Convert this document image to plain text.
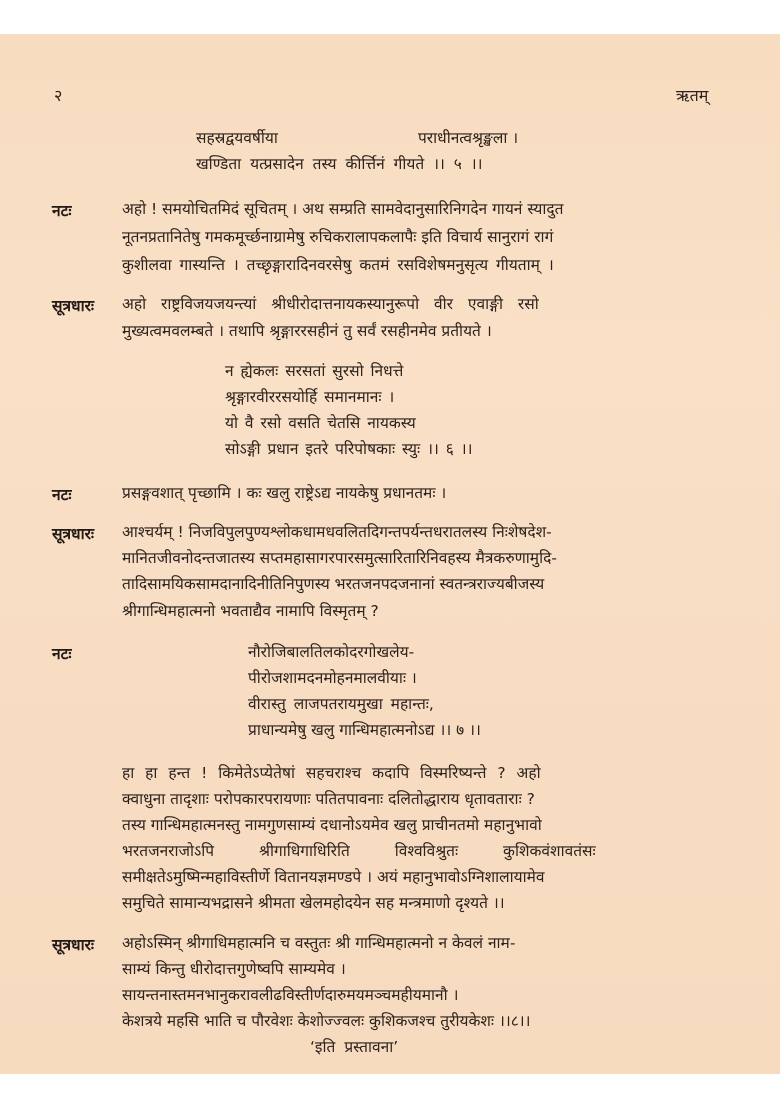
२	ऋतम्
सहस्रद्वयवर्षीया	पराधीनत्वश्रृङ्खला ।
खण्डिता यत्प्रसादेन तस्य कीर्त्तिनं गीयते ।। ५ ।।
नटः	अहो ! समयोचितमिदं सूचितम् । अथ सम्प्रति सामवेदानुसारिनिगदेन गायनं स्यादुत
नूतनप्रतानितेषु गमकमूर्च्छनाग्रामेषु रुचिकरालापकलापैः इति विचार्य सानुरागं रागं
कुशीलवा गास्यन्ति । तच्छृङ्गारादिनवरसेषु कतमं रसविशेषमनुसृत्य गीयताम् ।
सूत्रधारः अहो राष्ट्रविजयजयन्त्यां श्रीधीरोदात्तनायकस्यानुरूपो वीर एवाङ्गी रसो
मुख्यत्वमवलम्बते । तथापि श्रृङ्गाररसहीनं तु सर्वं रसहीनमेव प्रतीयते ।
न ह्येकलः सरसतां सुरसो निधत्ते
श्रृङ्गारवीररसयोर्हि समानमानः ।
यो वै रसो वसति चेतसि नायकस्य
सोऽङ्गी प्रधान इतरे परिपोषकाः स्युः ।। ६ ।।
नटः	प्रसङ्गवशात् पृच्छामि । कः खलु राष्ट्रेऽद्य नायकेषु प्रधानतमः ।
सूत्रधारः आश्चर्यम् ! निजविपुलपुण्यश्लोकधामधवलितदिगन्तपर्यन्तधरातलस्य निःशेषदेश-
मानितजीवनोदन्तजातस्य सप्तमहासागरपारसमुत्सारितारिनिवहस्य मैत्रकरुणामुदि-
तादिसामयिकसामदानादिनीतिनिपुणस्य भरतजनपदजनानां स्वतन्त्रराज्यबीजस्य
श्रीगान्धिमहात्मनो भवताद्यैव नामापि विस्मृतम् ?
नटः	नौरोजिबालतिलकोदरगोखलेय-
पीरोजशामदनमोहनमालवीयाः ।
वीरास्तु लाजपतरायमुखा महान्तः,
प्राधान्यमेषु खलु गान्धिमहात्मनोऽद्य ।। ७ ।।
हा हा हन्त ! किमेतेऽप्येतेषां सहचराश्च कदापि विस्मरिष्यन्ते ? अहो
क्वाधुना तादृशाः परोपकारपरायणाः पतितपावनाः दलितोद्धाराय धृतावताराः ?
तस्य गान्धिमहात्मनस्तु नामगुणसाम्यं दधानोऽयमेव खलु प्राचीनतमो महानुभावो
भरतजनराजोऽपि श्रीगाधिगाधिरिति विश्वविश्रुतः कुशिकवंशावतंसः
समीक्षतेऽमुष्मिन्महाविस्तीर्णे वितानयज्ञमण्डपे । अयं महानुभावोऽग्निशालायामेव
समुचिते सामान्यभद्रासने श्रीमता खेलमहोदयेन सह मन्त्रमाणो दृश्यते ।।
सूत्रधारः अहोऽस्मिन् श्रीगाधिमहात्मनि च वस्तुतः श्री गान्धिमहात्मनो न केवलं नाम-
साम्यं किन्तु धीरोदात्तगुणेष्वपि साम्यमेव ।
सायन्तनास्तमनभानुकरावलीढविस्तीर्णदारुमयमञ्चमहीयमानौ ।
केशत्रये महसि भाति च पौरवेशः केशोज्ज्वलः कुशिकजश्च तुरीयकेशः ।।८।।
‘इति प्रस्तावना’
